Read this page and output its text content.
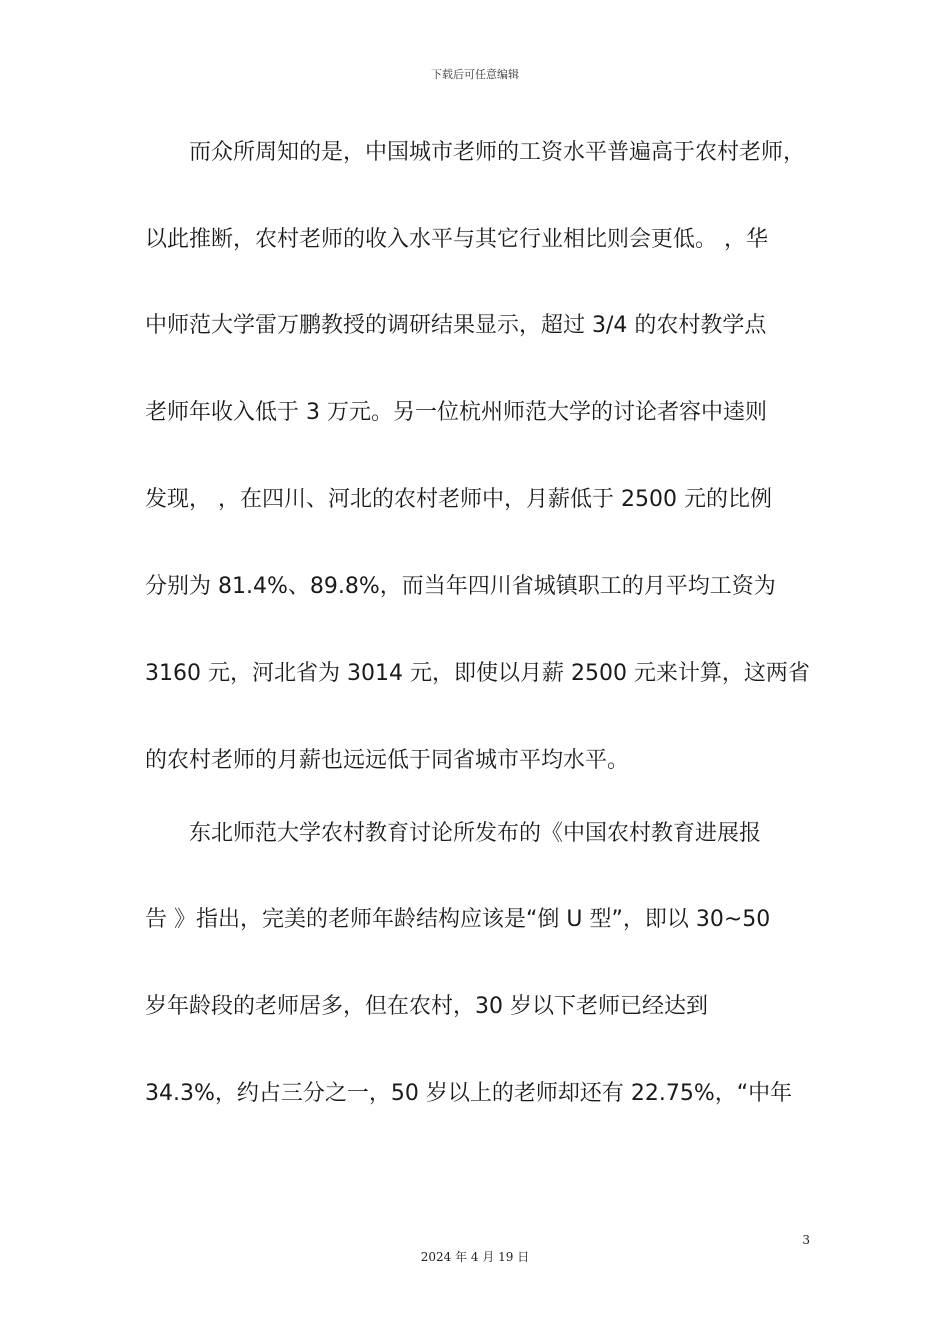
下载后可任意编辑
　　而众所周知的是，中国城市老师的工资水平普遍高于农村老师，
以此推断，农村老师的收入水平与其它行业相比则会更低。 ，华
中师范大学雷万鹏教授的调研结果显示，超过 3/4 的农村教学点
老师年收入低于 3 万元。另一位杭州师范大学的讨论者容中逵则
发现， ，在四川、河北的农村老师中，月薪低于 2500 元的比例
分别为 81.4%、89.8%，而当年四川省城镇职工的月平均工资为
3160 元，河北省为 3014 元，即使以月薪 2500 元来计算，这两省
的农村老师的月薪也远远低于同省城市平均水平。
　　东北师范大学农村教育讨论所发布的《中国农村教育进展报
告 》指出，完美的老师年龄结构应该是“倒 U 型”，即以 30~50
岁年龄段的老师居多，但在农村，30 岁以下老师已经达到
34.3%，约占三分之一，50 岁以上的老师却还有 22.75%，“中年
3
2024 年 4 月 19 日
